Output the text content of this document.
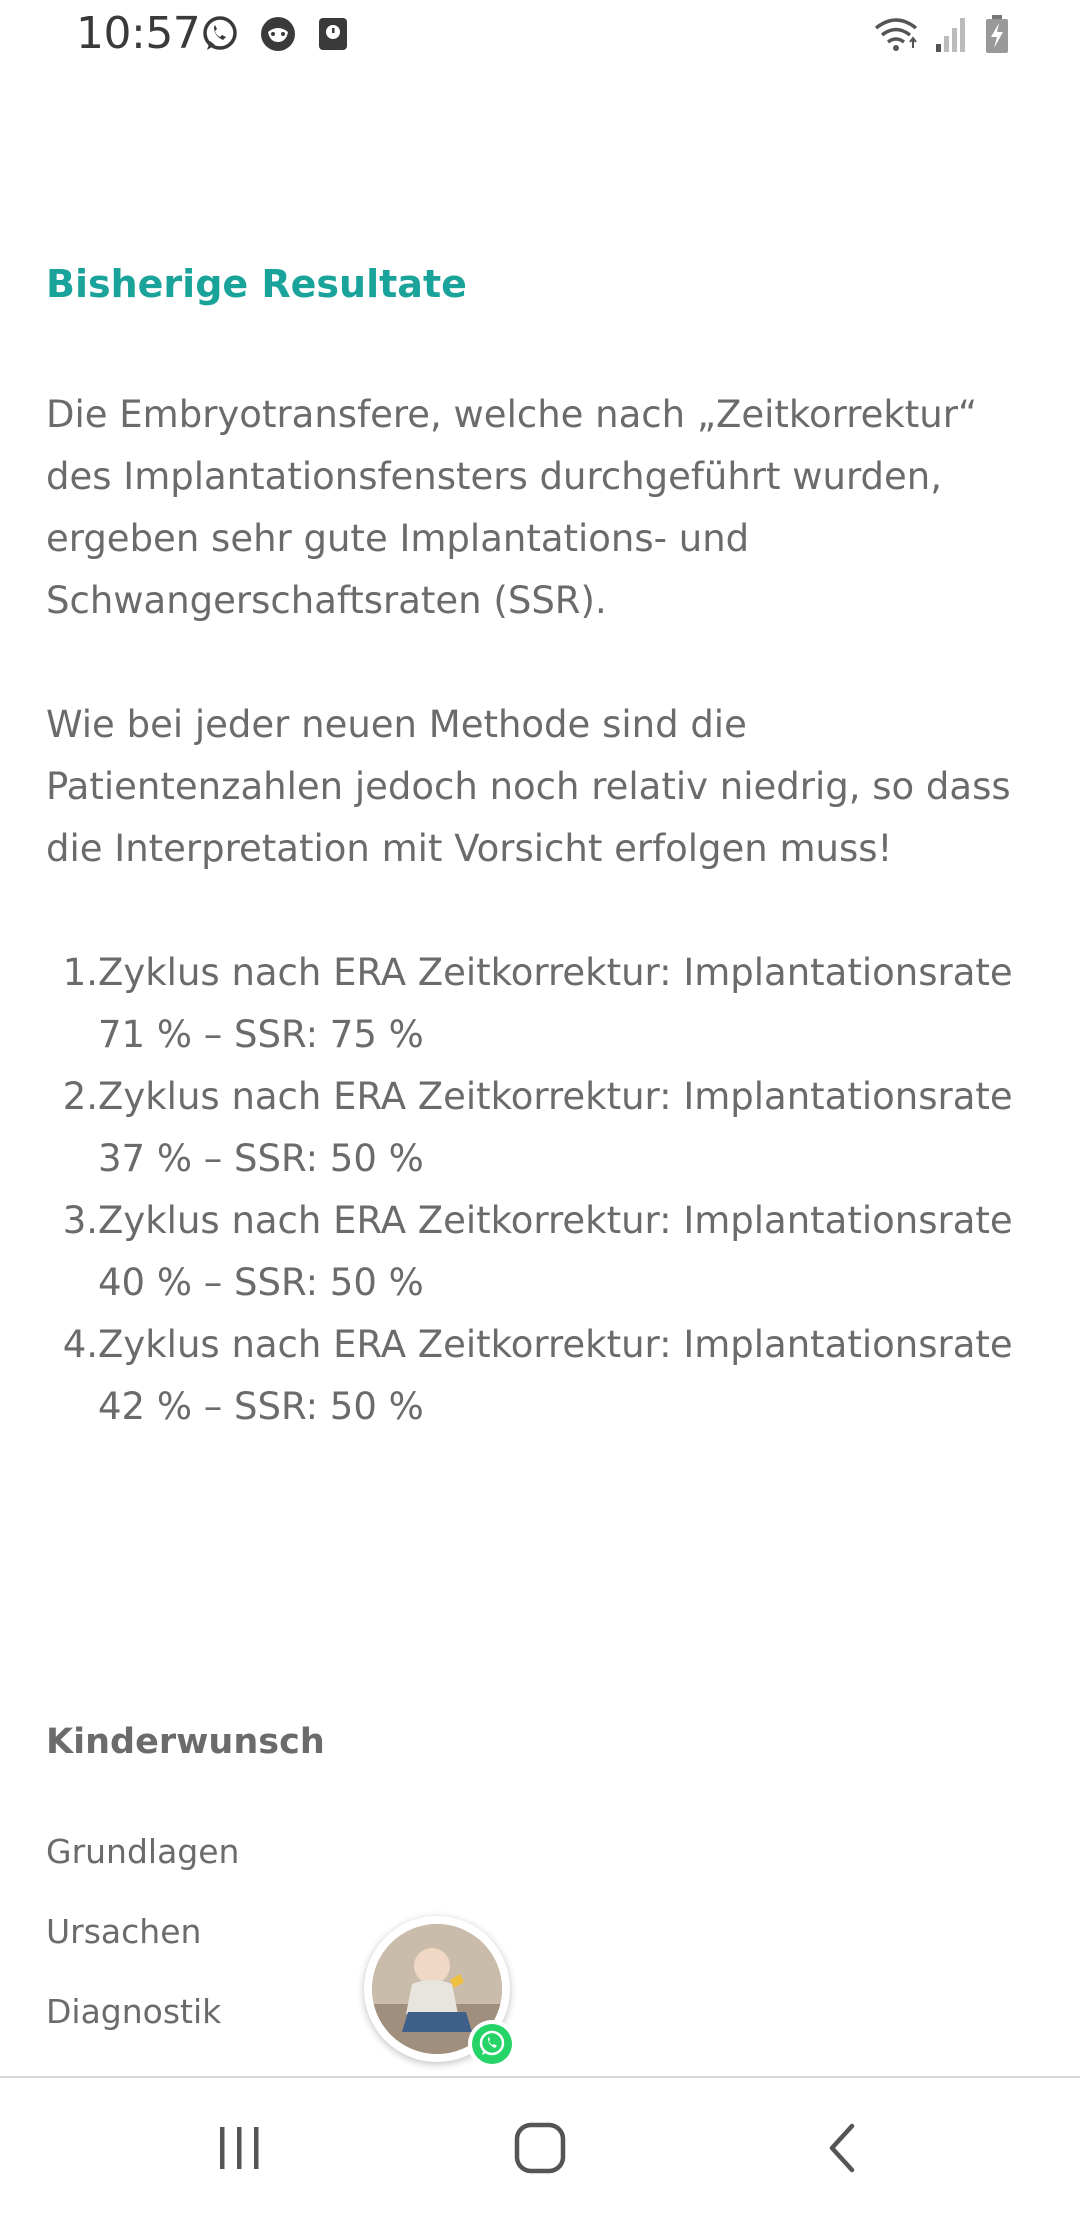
10:57
Bisherige Resultate

Die Embryotransfere, welche nach „Zeitkorrektur“ des Implantationsfensters durchgeführt wurden, ergeben sehr gute Implantations- und Schwangerschaftsraten (SSR).

Wie bei jeder neuen Methode sind die Patientenzahlen jedoch noch relativ niedrig, so dass die Interpretation mit Vorsicht erfolgen muss!

1. Zyklus nach ERA Zeitkorrektur: Implantationsrate 71 % – SSR: 75 %
2. Zyklus nach ERA Zeitkorrektur: Implantationsrate 37 % – SSR: 50 %
3. Zyklus nach ERA Zeitkorrektur: Implantationsrate 40 % – SSR: 50 %
4. Zyklus nach ERA Zeitkorrektur: Implantationsrate 42 % – SSR: 50 %
Kinderwunsch
Grundlagen
Ursachen
Diagnostik
